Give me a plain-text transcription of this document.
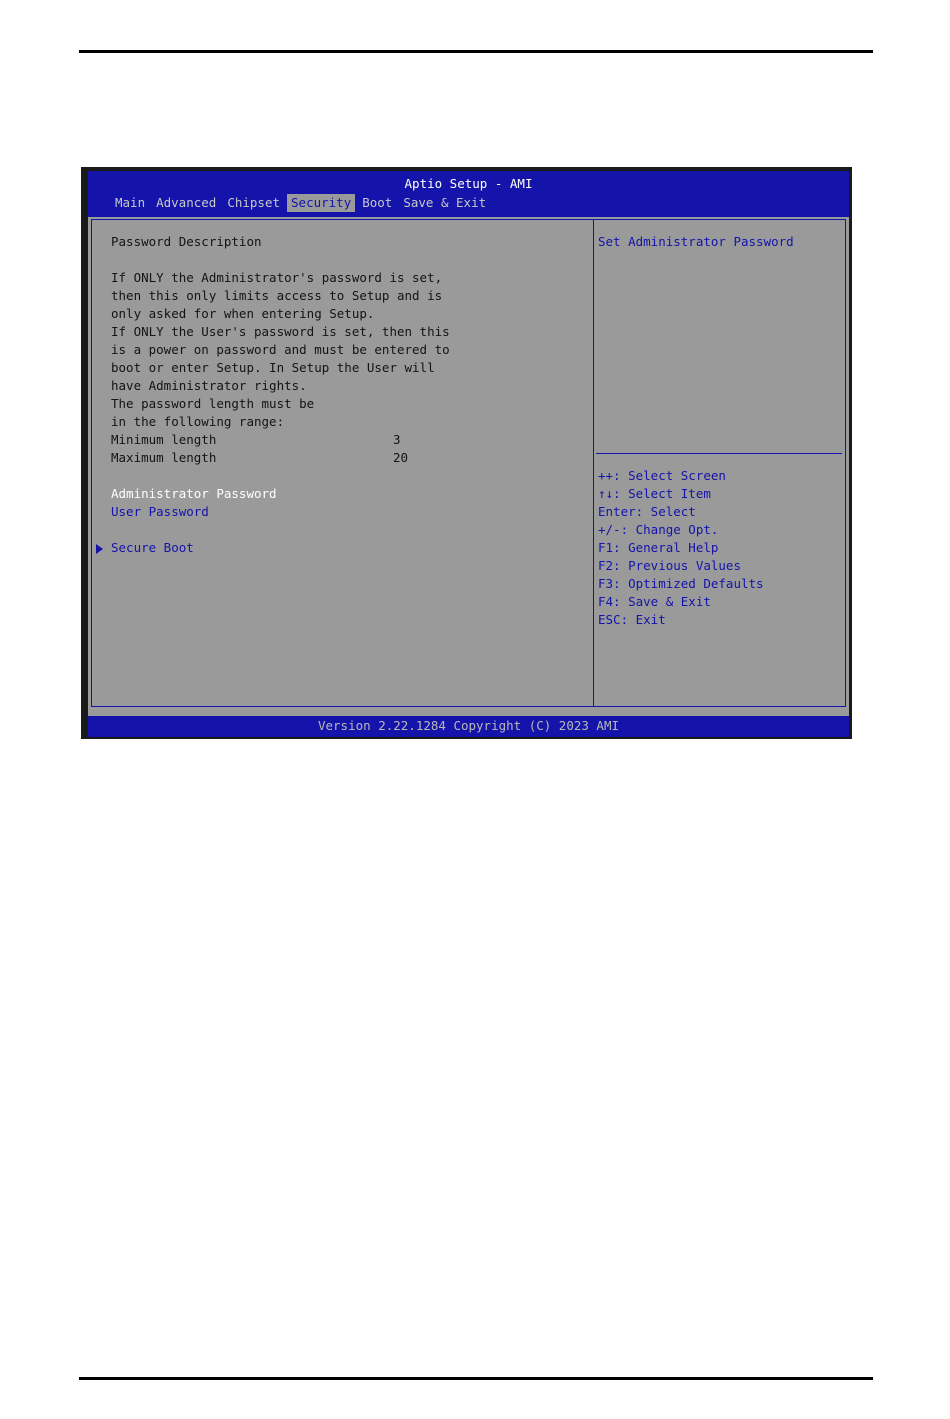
Aptio Setup - AMI
Main Advanced Chipset Security Boot Save & Exit
Password Description
If ONLY the Administrator's password is set,
then this only limits access to Setup and is
only asked for when entering Setup.
If ONLY the User's password is set, then this
is a power on password and must be entered to
boot or enter Setup. In Setup the User will
have Administrator rights.
The password length must be
in the following range:
Minimum length	3
Maximum length	20
Administrator Password
User Password
Secure Boot
Set Administrator Password
++: Select Screen
↑↓: Select Item
Enter: Select
+/-: Change Opt.
F1: General Help
F2: Previous Values
F3: Optimized Defaults
F4: Save & Exit
ESC: Exit
Version 2.22.1284 Copyright (C) 2023 AMI
